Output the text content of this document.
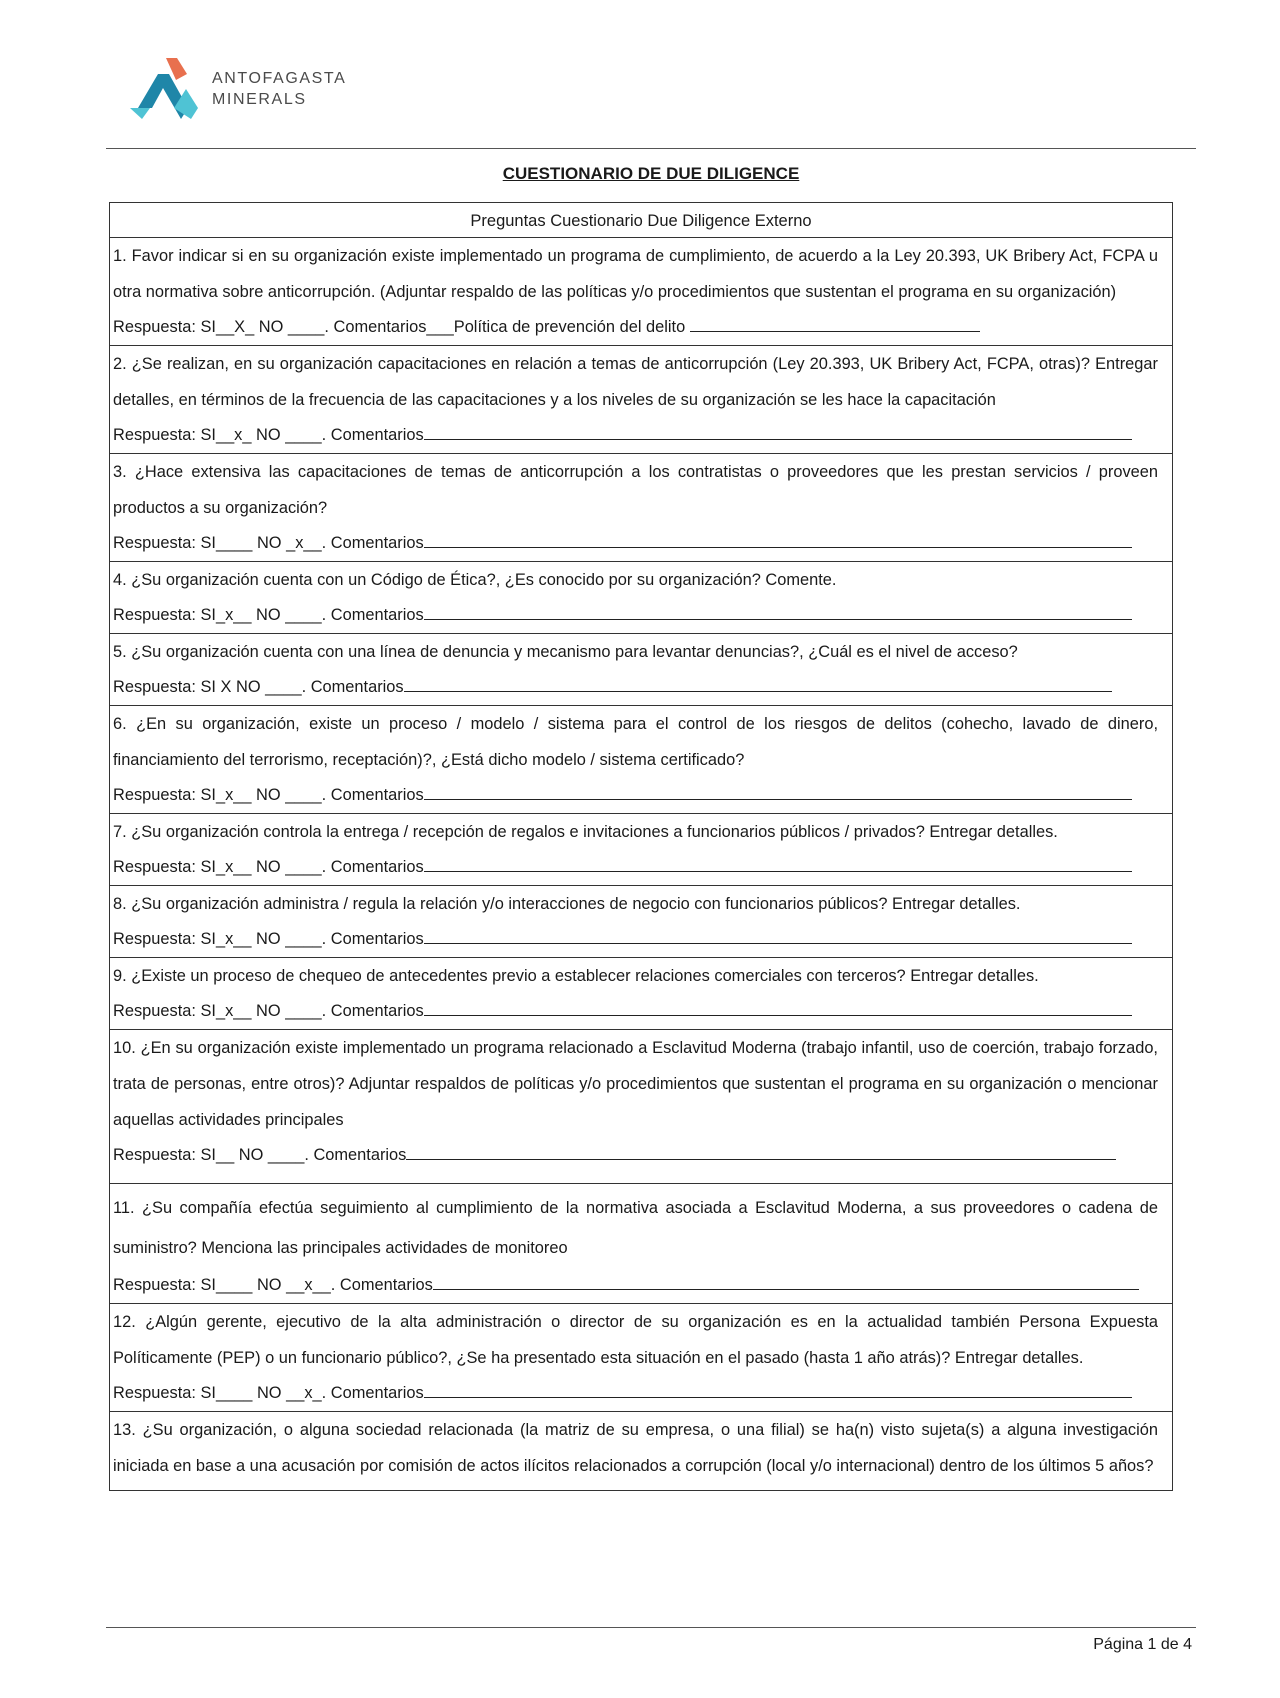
ANTOFAGASTA
MINERALS
CUESTIONARIO DE DUE DILIGENCE
Preguntas Cuestionario Due Diligence Externo
1. Favor indicar si en su organización existe implementado un programa de cumplimiento, de acuerdo a la Ley 20.393, UK Bribery Act, FCPA u otra normativa sobre anticorrupción. (Adjuntar respaldo de las políticas y/o procedimientos que sustentan el programa en su organización)
Respuesta: SI__X_ NO ____. Comentarios___Política de prevención del delito
2. ¿Se realizan, en su organización capacitaciones en relación a temas de anticorrupción (Ley 20.393, UK Bribery Act, FCPA, otras)? Entregar detalles, en términos de la frecuencia de las capacitaciones y a los niveles de su organización se les hace la capacitación
Respuesta: SI__x_ NO ____. Comentarios
3. ¿Hace extensiva las capacitaciones de temas de anticorrupción a los contratistas o proveedores que les prestan servicios / proveen productos a su organización?
Respuesta: SI____ NO _x__. Comentarios
4. ¿Su organización cuenta con un Código de Ética?, ¿Es conocido por su organización? Comente.
Respuesta: SI_x__ NO ____. Comentarios
5. ¿Su organización cuenta con una línea de denuncia y mecanismo para levantar denuncias?, ¿Cuál es el nivel de acceso?
Respuesta: SI X NO ____. Comentarios
6. ¿En su organización, existe un proceso / modelo / sistema para el control de los riesgos de delitos (cohecho, lavado de dinero, financiamiento del terrorismo, receptación)?, ¿Está dicho modelo / sistema certificado?
Respuesta: SI_x__ NO ____. Comentarios
7. ¿Su organización controla la entrega / recepción de regalos e invitaciones a funcionarios públicos / privados? Entregar detalles.
Respuesta: SI_x__ NO ____. Comentarios
8. ¿Su organización administra / regula la relación y/o interacciones de negocio con funcionarios públicos? Entregar detalles.
Respuesta: SI_x__ NO ____. Comentarios
9. ¿Existe un proceso de chequeo de antecedentes previo a establecer relaciones comerciales con terceros? Entregar detalles.
Respuesta: SI_x__ NO ____. Comentarios
10. ¿En su organización existe implementado un programa relacionado a Esclavitud Moderna (trabajo infantil, uso de coerción, trabajo forzado, trata de personas, entre otros)? Adjuntar respaldos de políticas y/o procedimientos que sustentan el programa en su organización o mencionar aquellas actividades principales
Respuesta: SI__ NO ____. Comentarios
11. ¿Su compañía efectúa seguimiento al cumplimiento de la normativa asociada a Esclavitud Moderna, a sus proveedores o cadena de suministro? Menciona las principales actividades de monitoreo
Respuesta: SI____ NO __x__. Comentarios
12. ¿Algún gerente, ejecutivo de la alta administración o director de su organización es en la actualidad también Persona Expuesta Políticamente (PEP) o un funcionario público?, ¿Se ha presentado esta situación en el pasado (hasta 1 año atrás)? Entregar detalles.
Respuesta: SI____ NO __x_. Comentarios
13. ¿Su organización, o alguna sociedad relacionada (la matriz de su empresa, o una filial) se ha(n) visto sujeta(s) a alguna investigación iniciada en base a una acusación por comisión de actos ilícitos relacionados a corrupción (local y/o internacional) dentro de los últimos 5 años?
Página 1 de 4
